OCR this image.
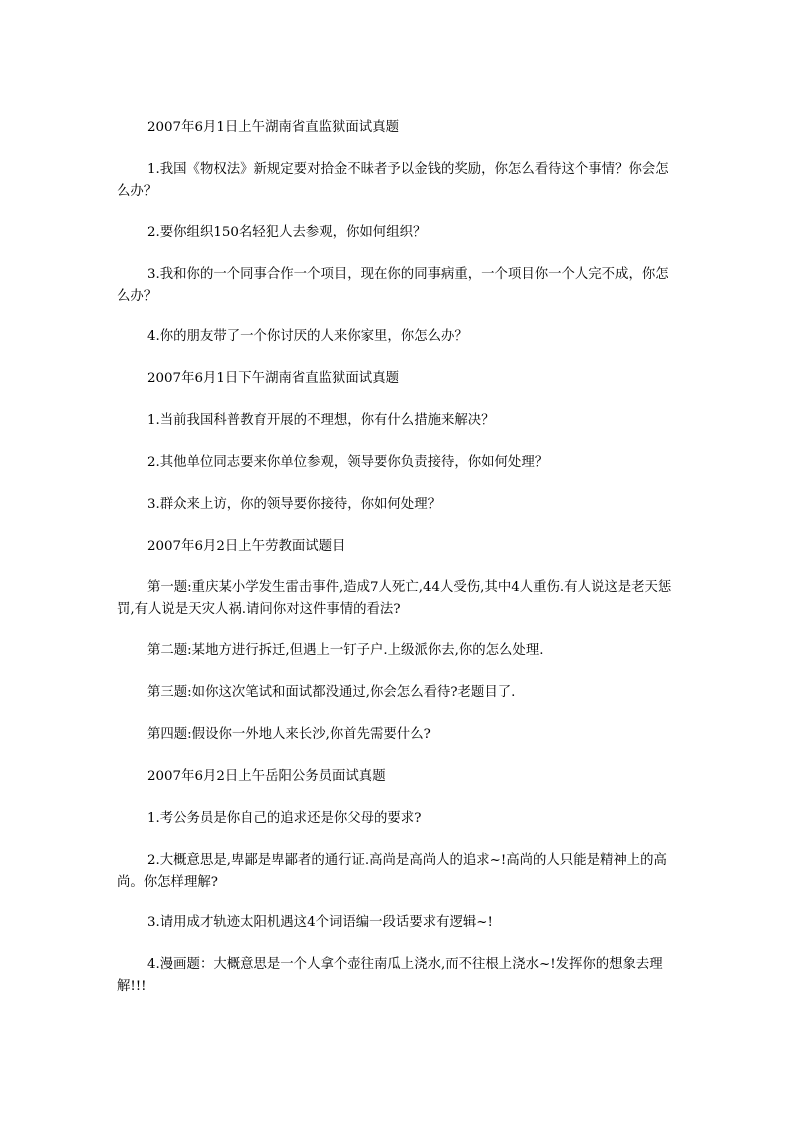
2007年6月1日上午湖南省直监狱面试真题

1.我国《物权法》新规定要对拾金不昧者予以金钱的奖励，你怎么看待这个事情？你会怎么办？

2.要你组织150名轻犯人去参观，你如何组织？

3.我和你的一个同事合作一个项目，现在你的同事病重，一个项目你一个人完不成，你怎么办？

4.你的朋友带了一个你讨厌的人来你家里，你怎么办？

2007年6月1日下午湖南省直监狱面试真题

1.当前我国科普教育开展的不理想，你有什么措施来解决？

2.其他单位同志要来你单位参观，领导要你负责接待，你如何处理？

3.群众来上访，你的领导要你接待，你如何处理？

2007年6月2日上午劳教面试题目

第一题:重庆某小学发生雷击事件,造成7人死亡,44人受伤,其中4人重伤.有人说这是老天惩罚,有人说是天灾人祸.请问你对这件事情的看法?

第二题:某地方进行拆迁,但遇上一钉子户.上级派你去,你的怎么处理.

第三题:如你这次笔试和面试都没通过,你会怎么看待?老题目了.

第四题:假设你一外地人来长沙,你首先需要什么?

2007年6月2日上午岳阳公务员面试真题

1.考公务员是你自己的追求还是你父母的要求?

2.大概意思是,卑鄙是卑鄙者的通行证.高尚是高尚人的追求~!高尚的人只能是精神上的高尚。你怎样理解?

3.请用成才轨迹太阳机遇这4个词语编一段话要求有逻辑~!

4.漫画题：大概意思是一个人拿个壶往南瓜上浇水,而不往根上浇水~!发挥你的想象去理解!!!
